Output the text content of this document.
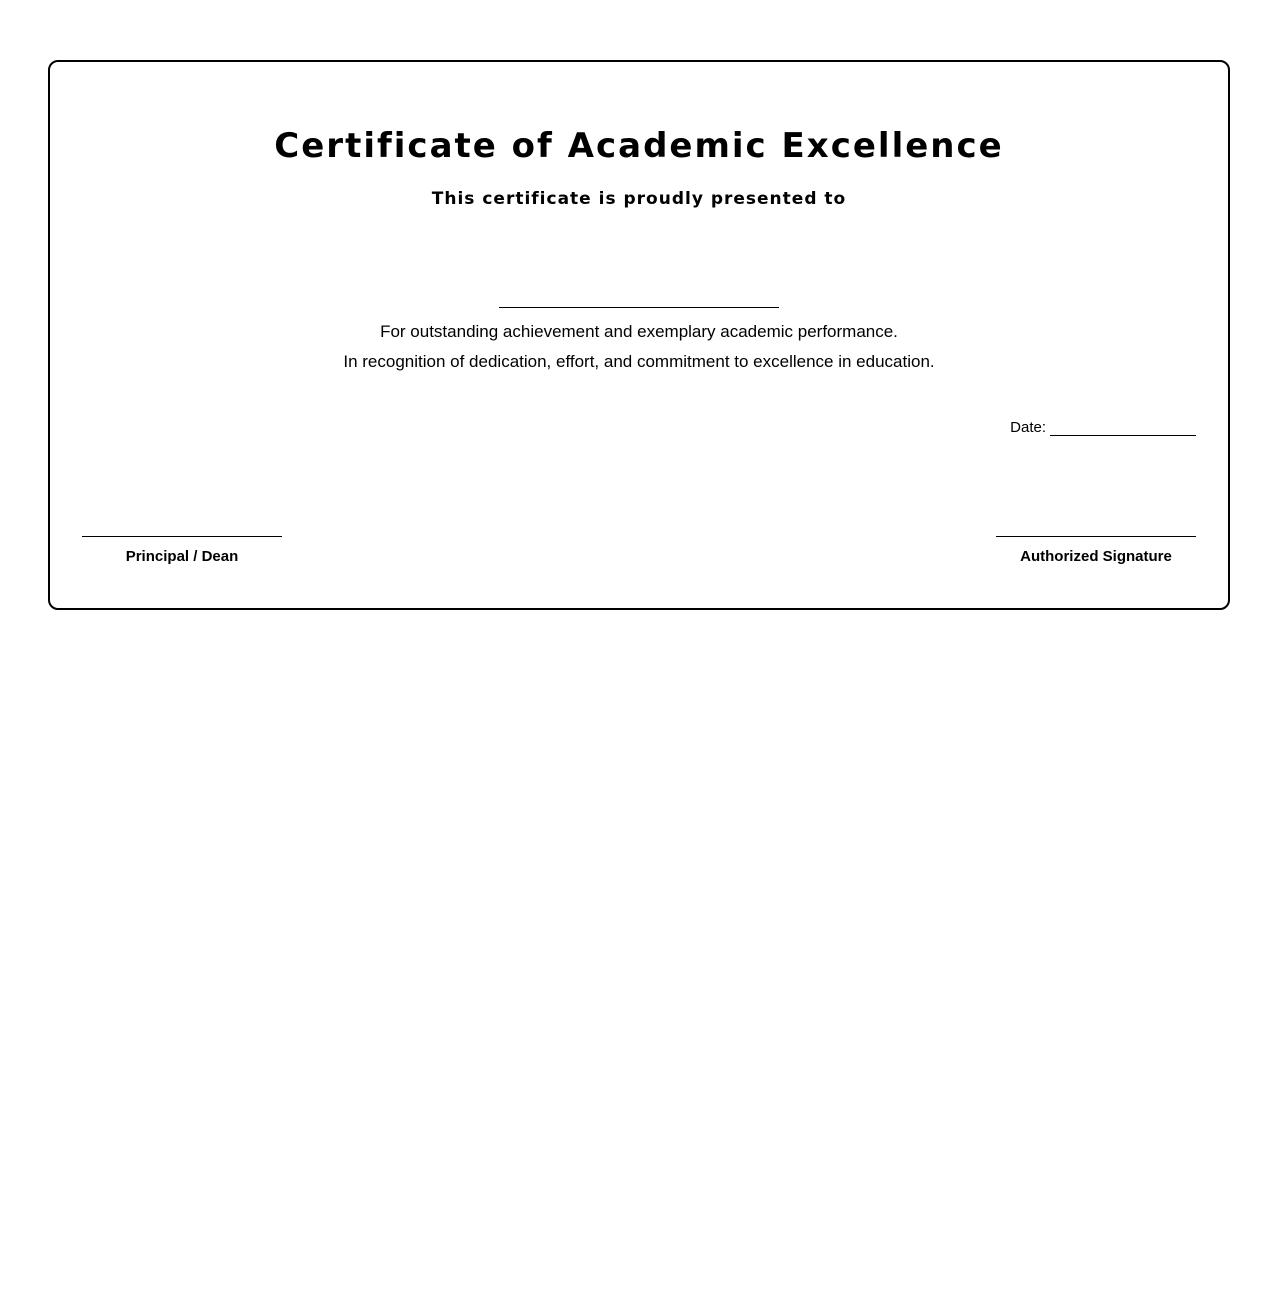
Certificate of Academic Excellence
This certificate is proudly presented to
For outstanding achievement and exemplary academic performance.
In recognition of dedication, effort, and commitment to excellence in education.
Date:
Principal / Dean	Authorized Signature
